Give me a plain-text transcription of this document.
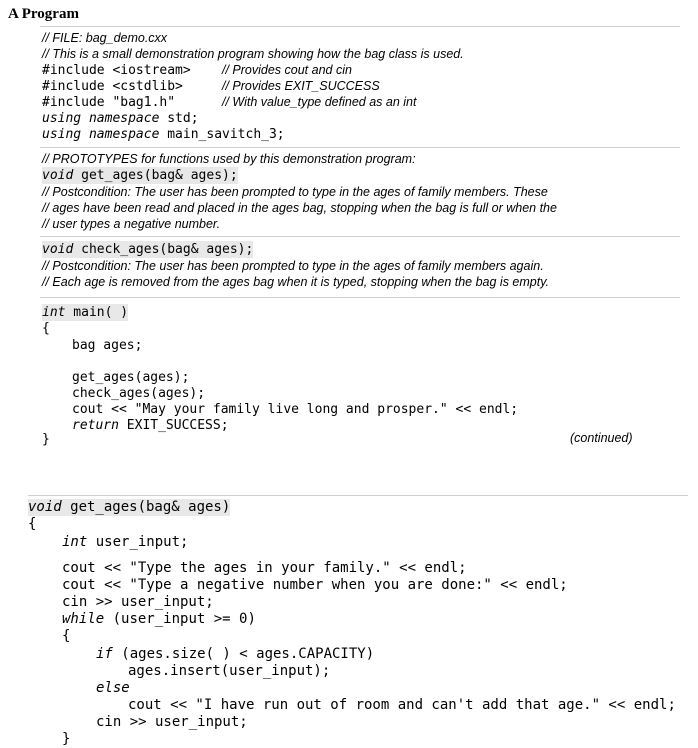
A Program
// FILE: bag_demo.cxx
// This is a small demonstration program showing how the bag class is used.
#include <iostream>	// Provides cout and cin
#include <cstdlib>	// Provides EXIT_SUCCESS
#include "bag1.h"	// With value_type defined as an int
using namespace std;
using namespace main_savitch_3;
// PROTOTYPES for functions used by this demonstration program:
void get_ages(bag& ages);
// Postcondition: The user has been prompted to type in the ages of family members. These
// ages have been read and placed in the ages bag, stopping when the bag is full or when the
// user types a negative number.
void check_ages(bag& ages);
// Postcondition: The user has been prompted to type in the ages of family members again.
// Each age is removed from the ages bag when it is typed, stopping when the bag is empty.
int main( )
{
bag ages;
get_ages(ages);
check_ages(ages);
cout << "May your family live long and prosper." << endl;
return EXIT_SUCCESS;
}	(continued)
void get_ages(bag& ages)
{
int user_input;
cout << "Type the ages in your family." << endl;
cout << "Type a negative number when you are done:" << endl;
cin >> user_input;
while (user_input >= 0)
{
if (ages.size( ) < ages.CAPACITY)
ages.insert(user_input);
else
cout << "I have run out of room and can't add that age." << endl;
cin >> user_input;
}
